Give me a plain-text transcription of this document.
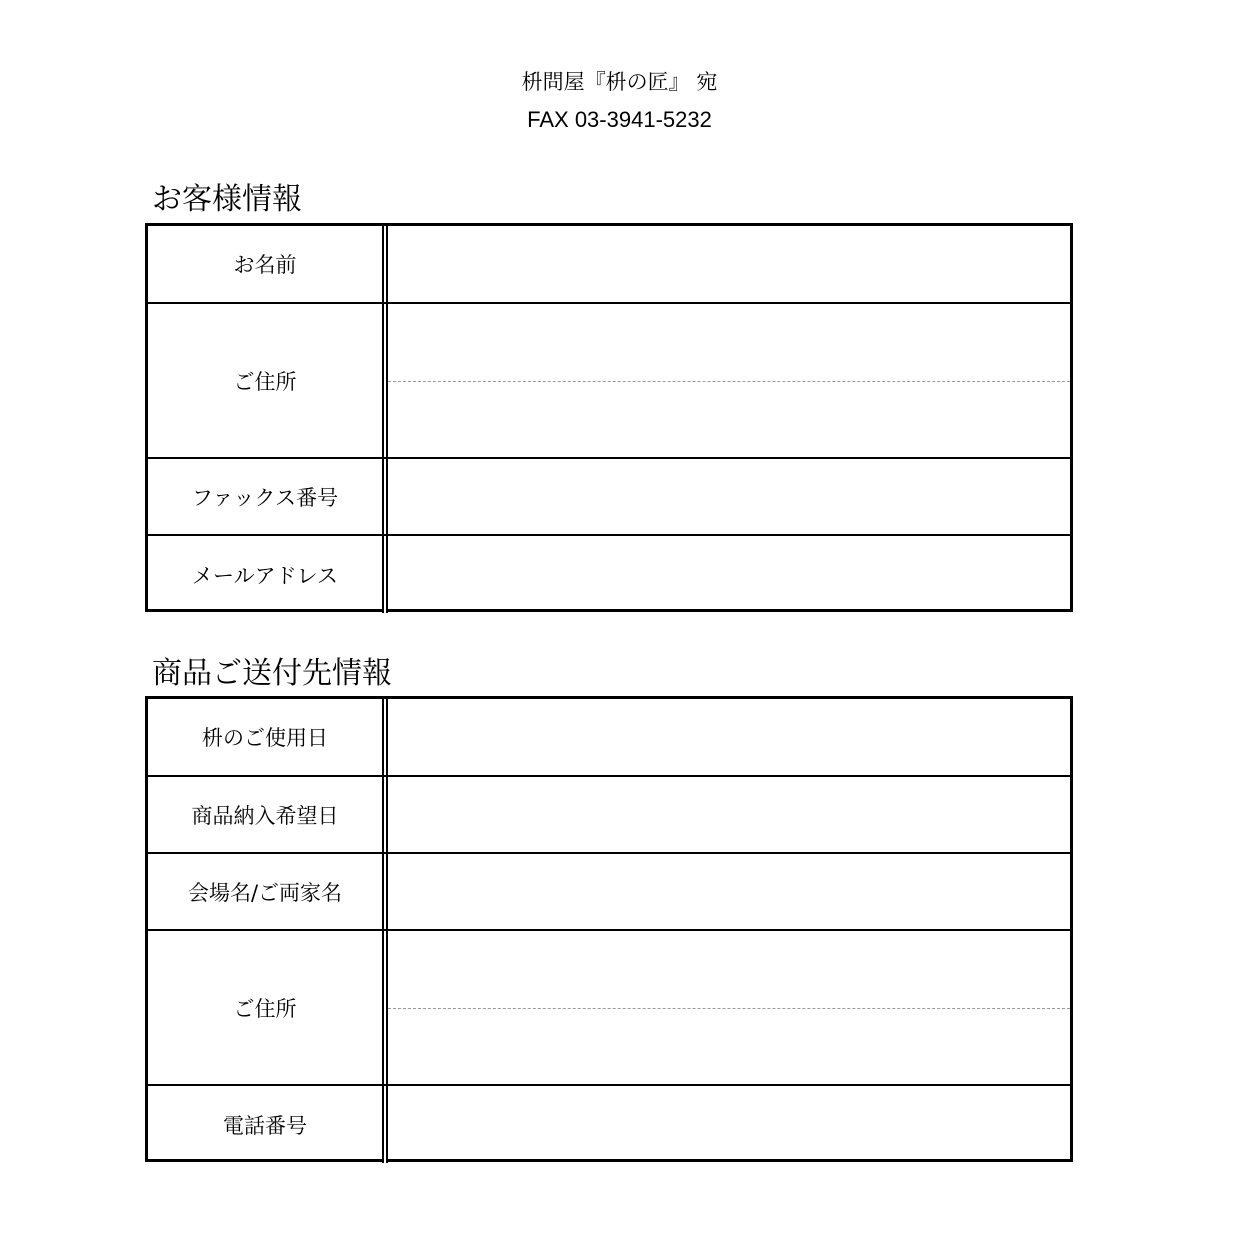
枡問屋『枡の匠』 宛
FAX 03-3941-5232
お客様情報
お名前
ご住所
ファックス番号
メールアドレス
商品ご送付先情報
枡のご使用日
商品納入希望日
会場名/ご両家名
ご住所
電話番号
